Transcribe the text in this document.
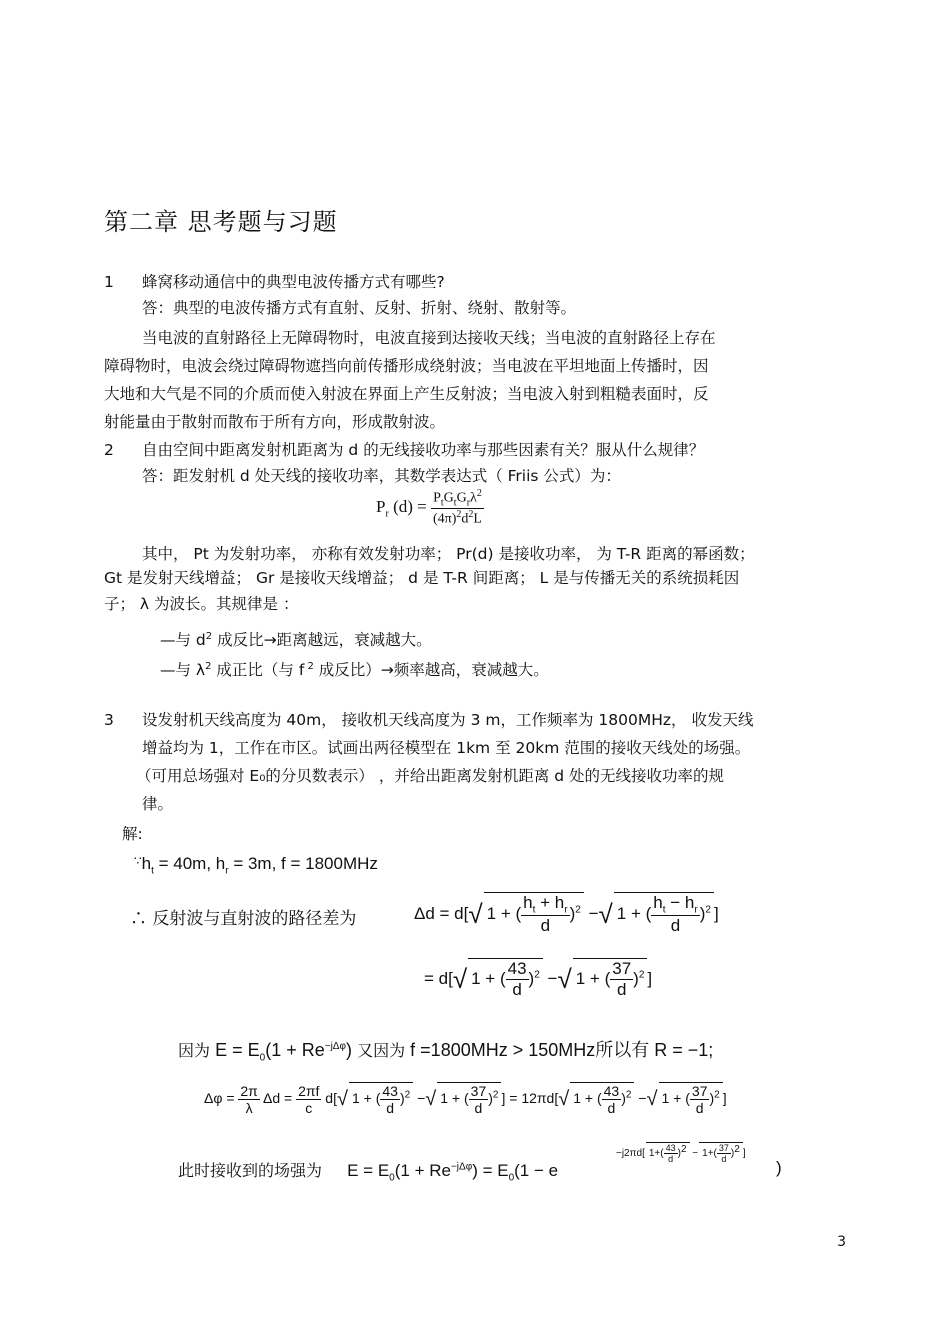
第二章 思考题与习题
1 蜂窝移动通信中的典型电波传播方式有哪些?
答：典型的电波传播方式有直射、反射、折射、绕射、散射等。
当电波的直射路径上无障碍物时，电波直接到达接收天线；当电波的直射路径上存在
障碍物时，电波会绕过障碍物遮挡向前传播形成绕射波；当电波在平坦地面上传播时，因
大地和大气是不同的介质而使入射波在界面上产生反射波；当电波入射到粗糙表面时，反
射能量由于散射而散布于所有方向，形成散射波。
2 自由空间中距离发射机距离为 d 的无线接收功率与那些因素有关？服从什么规律？
答：距发射机 d 处天线的接收功率，其数学表达式（ Friis 公式）为：
$P_r$ $(d) = \frac{P_tG_tG_r\lambda^2}{(4\pi)^2d^2L}$
其中， Pt 为发射功率， 亦称有效发射功率； Pr(d) 是接收功率， 为 T-R 距离的幂函数；
Gt 是发射天线增益； Gr 是接收天线增益； d 是 T-R 间距离； L 是与传播无关的系统损耗因
子； λ 为波长。其规律是 ：
—与 $d^2$ 成反比→距离越远，衰减越大。
—与 $\lambda^2$ 成正比（与 f $^2$ 成反比）→频率越高，衰减越大。
3 设发射机天线高度为 40m， 接收机天线高度为 3 m，工作频率为 1800MHz， 收发天线
增益均为 1，工作在市区。试画出两径模型在 1km 至 20km 范围的接收天线处的场强。
（可用总场强对 E₀的分贝数表示） ，并给出距离发射机距离 d 处的无线接收功率的规
律。
解:
$^\because h_t = 40m$, $h_r = 3m$, f = 1800MHz
∴ 反射波与直射波的路径差为	Δd = d[√ 1 + ( $\frac{h_t + h_r}{d} )^2$ −√ 1 + ( $\frac{h_t - h_r}{d} )^2$ ]
= d[√ 1 + ( $\frac{43}{d} )^2$ −√ 1 + ( $\frac{37}{d} )^2$ ]
因为 $E = E_0(1 + Re^{-j\Delta\varphi})$ 又因为 f =1800MHz > 150MHz所以有 R = −1;
$\Delta\varphi = \frac{2\pi}{\lambda}$ $\Delta d = \frac{2\pi f}{c} d[√$ 1 + ( $\frac{43}{d} )^2$ −√ 1 + ( $\frac{37}{d} )^2$ ] = 12πd[√ 1 + ( $\frac{43}{d} )^2$ −√ 1 + ( $\frac{37}{d} )^2$ ]
此时接收到的场强为 $E = E_0(1 + Re^{-j\Delta\varphi}) = E_0(1 - e$
−j2πd[ $1+( \frac{43}{d} )^2 - 1+( \frac{37}{d} )^2$ ]
)
3
